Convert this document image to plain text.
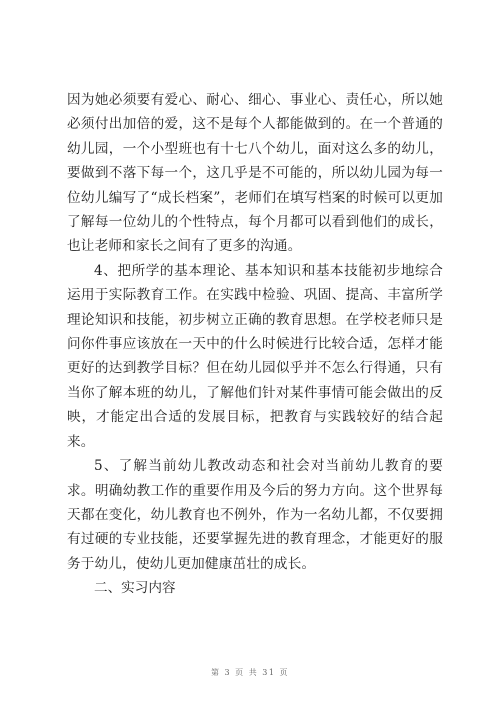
因为她必须要有爱心、耐心、细心、事业心、责任心，所以她必须付出加倍的爱，这不是每个人都能做到的。在一个普通的幼儿园，一个小型班也有十七八个幼儿，面对这么多的幼儿，要做到不落下每一个，这几乎是不可能的，所以幼儿园为每一位幼儿编写了“成长档案”，老师们在填写档案的时候可以更加了解每一位幼儿的个性特点，每个月都可以看到他们的成长，也让老师和家长之间有了更多的沟通。

4、把所学的基本理论、基本知识和基本技能初步地综合运用于实际教育工作。在实践中检验、巩固、提高、丰富所学理论知识和技能，初步树立正确的教育思想。在学校老师只是问你件事应该放在一天中的什么时候进行比较合适，怎样才能更好的达到教学目标？但在幼儿园似乎并不怎么行得通，只有当你了解本班的幼儿，了解他们针对某件事情可能会做出的反映，才能定出合适的发展目标，把教育与实践较好的结合起来。

5、了解当前幼儿教改动态和社会对当前幼儿教育的要求。明确幼教工作的重要作用及今后的努力方向。这个世界每天都在变化，幼儿教育也不例外，作为一名幼儿都，不仅要拥有过硬的专业技能，还要掌握先进的教育理念，才能更好的服务于幼儿，使幼儿更加健康茁壮的成长。

二、实习内容

第 3 页 共 31 页
